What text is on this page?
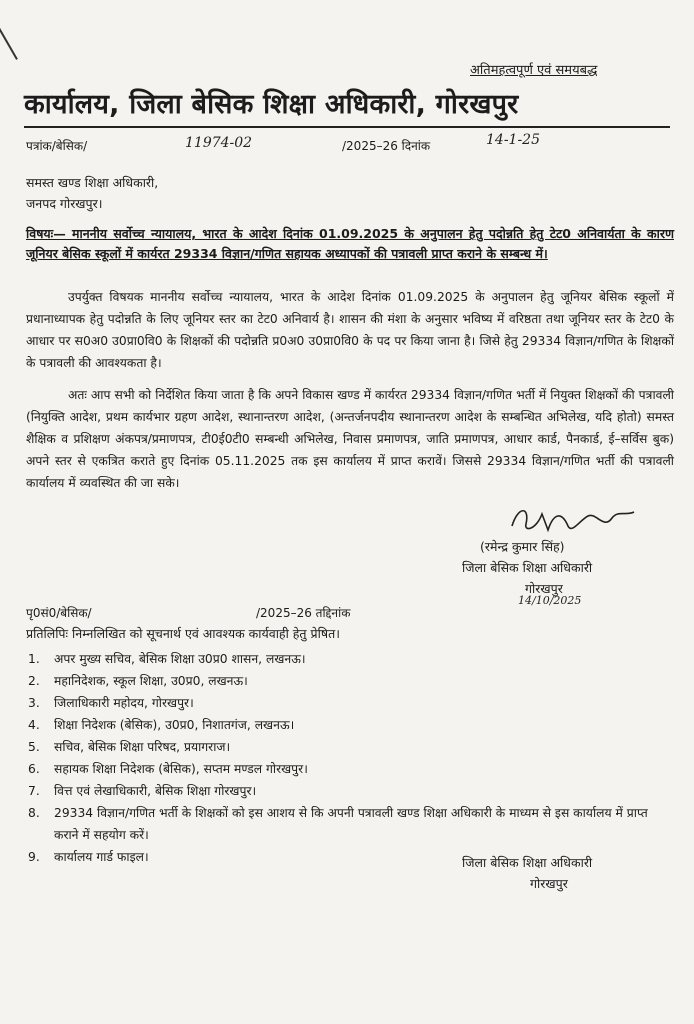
अतिमहत्वपूर्ण एवं समयबद्ध
कार्यालय, जिला बेसिक शिक्षा अधिकारी, गोरखपुर
पत्रांक/बेसिक/	11974-02	/2025–26 दिनांक	14-1-25
समस्त खण्ड शिक्षा अधिकारी,
जनपद गोरखपुर।
विषयः— माननीय सर्वोच्च न्यायालय, भारत के आदेश दिनांक 01.09.2025 के अनुपालन हेतु पदोन्नति हेतु टेट0 अनिवार्यता के कारण जूनियर बेसिक स्कूलों में कार्यरत 29334 विज्ञान/गणित सहायक अध्यापकों की पत्रावली प्राप्त कराने के सम्बन्ध में।
उपर्युक्त विषयक माननीय सर्वोच्च न्यायालय, भारत के आदेश दिनांक 01.09.2025 के अनुपालन हेतु जूनियर बेसिक स्कूलों में प्रधानाध्यापक हेतु पदोन्नति के लिए जूनियर स्तर का टेट0 अनिवार्य है। शासन की मंशा के अनुसार भविष्य में वरिष्ठता तथा जूनियर स्तर के टेट0 के आधार पर स0अ0 उ0प्रा0वि0 के शिक्षकों की पदोन्नति प्र0अ0 उ0प्रा0वि0 के पद पर किया जाना है। जिसे हेतु 29334 विज्ञान/गणित के शिक्षकों के पत्रावली की आवश्यकता है।
अतः आप सभी को निर्देशित किया जाता है कि अपने विकास खण्ड में कार्यरत 29334 विज्ञान/गणित भर्ती में नियुक्त शिक्षकों की पत्रावली (नियुक्ति आदेश, प्रथम कार्यभार ग्रहण आदेश, स्थानान्तरण आदेश, (अन्तर्जनपदीय स्थानान्तरण आदेश के सम्बन्धित अभिलेख, यदि होतो) समस्त शैक्षिक व प्रशिक्षण अंकपत्र/प्रमाणपत्र, टी0ई0टी0 सम्बन्धी अभिलेख, निवास प्रमाणपत्र, जाति प्रमाणपत्र, आधार कार्ड, पैनकार्ड, ई–सर्विस बुक) अपने स्तर से एकत्रित कराते हुए दिनांक 05.11.2025 तक इस कार्यालय में प्राप्त करावें। जिससे 29334 विज्ञान/गणित भर्ती की पत्रावली कार्यालय में व्यवस्थित की जा सके।
(रमेन्द्र कुमार सिंह)
जिला बेसिक शिक्षा अधिकारी
गोरखपुर
14/10/2025
पृ0सं0/बेसिक/	/2025–26 तद्दिनांक
प्रतिलिपिः निम्नलिखित को सूचनार्थ एवं आवश्यक कार्यवाही हेतु प्रेषित।
1. अपर मुख्य सचिव, बेसिक शिक्षा उ0प्र0 शासन, लखनऊ।
2. महानिदेशक, स्कूल शिक्षा, उ0प्र0, लखनऊ।
3. जिलाधिकारी महोदय, गोरखपुर।
4. शिक्षा निदेशक (बेसिक), उ0प्र0, निशातगंज, लखनऊ।
5. सचिव, बेसिक शिक्षा परिषद, प्रयागराज।
6. सहायक शिक्षा निदेशक (बेसिक), सप्तम मण्डल गोरखपुर।
7. वित्त एवं लेखाधिकारी, बेसिक शिक्षा गोरखपुर।
8. 29334 विज्ञान/गणित भर्ती के शिक्षकों को इस आशय से कि अपनी पत्रावली खण्ड शिक्षा अधिकारी के माध्यम से इस कार्यालय में प्राप्त कराने में सहयोग करें।
9. कार्यालय गार्ड फाइल।	जिला बेसिक शिक्षा अधिकारी
गोरखपुर
